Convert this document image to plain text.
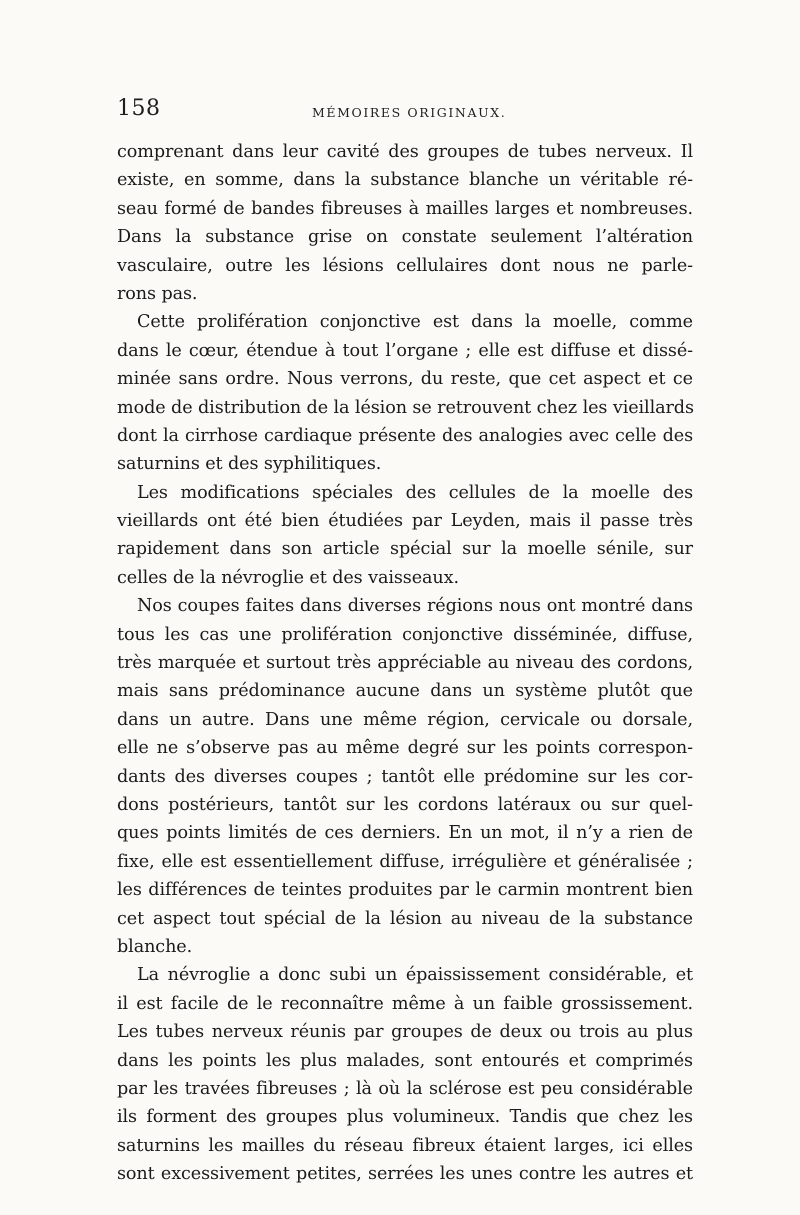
158	MÉMOIRES ORIGINAUX.
comprenant dans leur cavité des groupes de tubes nerveux. Il
existe, en somme, dans la substance blanche un véritable ré-
seau formé de bandes fibreuses à mailles larges et nombreuses.
Dans la substance grise on constate seulement l’altération
vasculaire, outre les lésions cellulaires dont nous ne parle-
rons pas.
Cette prolifération conjonctive est dans la moelle, comme
dans le cœur, étendue à tout l’organe ; elle est diffuse et dissé-
minée sans ordre. Nous verrons, du reste, que cet aspect et ce
mode de distribution de la lésion se retrouvent chez les vieillards
dont la cirrhose cardiaque présente des analogies avec celle des
saturnins et des syphilitiques.
Les modifications spéciales des cellules de la moelle des
vieillards ont été bien étudiées par Leyden, mais il passe très
rapidement dans son article spécial sur la moelle sénile, sur
celles de la névroglie et des vaisseaux.
Nos coupes faites dans diverses régions nous ont montré dans
tous les cas une prolifération conjonctive disséminée, diffuse,
très marquée et surtout très appréciable au niveau des cordons,
mais sans prédominance aucune dans un système plutôt que
dans un autre. Dans une même région, cervicale ou dorsale,
elle ne s’observe pas au même degré sur les points correspon-
dants des diverses coupes ; tantôt elle prédomine sur les cor-
dons postérieurs, tantôt sur les cordons latéraux ou sur quel-
ques points limités de ces derniers. En un mot, il n’y a rien de
fixe, elle est essentiellement diffuse, irrégulière et généralisée ;
les différences de teintes produites par le carmin montrent bien
cet aspect tout spécial de la lésion au niveau de la substance
blanche.
La névroglie a donc subi un épaississement considérable, et
il est facile de le reconnaître même à un faible grossissement.
Les tubes nerveux réunis par groupes de deux ou trois au plus
dans les points les plus malades, sont entourés et comprimés
par les travées fibreuses ; là où la sclérose est peu considérable
ils forment des groupes plus volumineux. Tandis que chez les
saturnins les mailles du réseau fibreux étaient larges, ici elles
sont excessivement petites, serrées les unes contre les autres et
